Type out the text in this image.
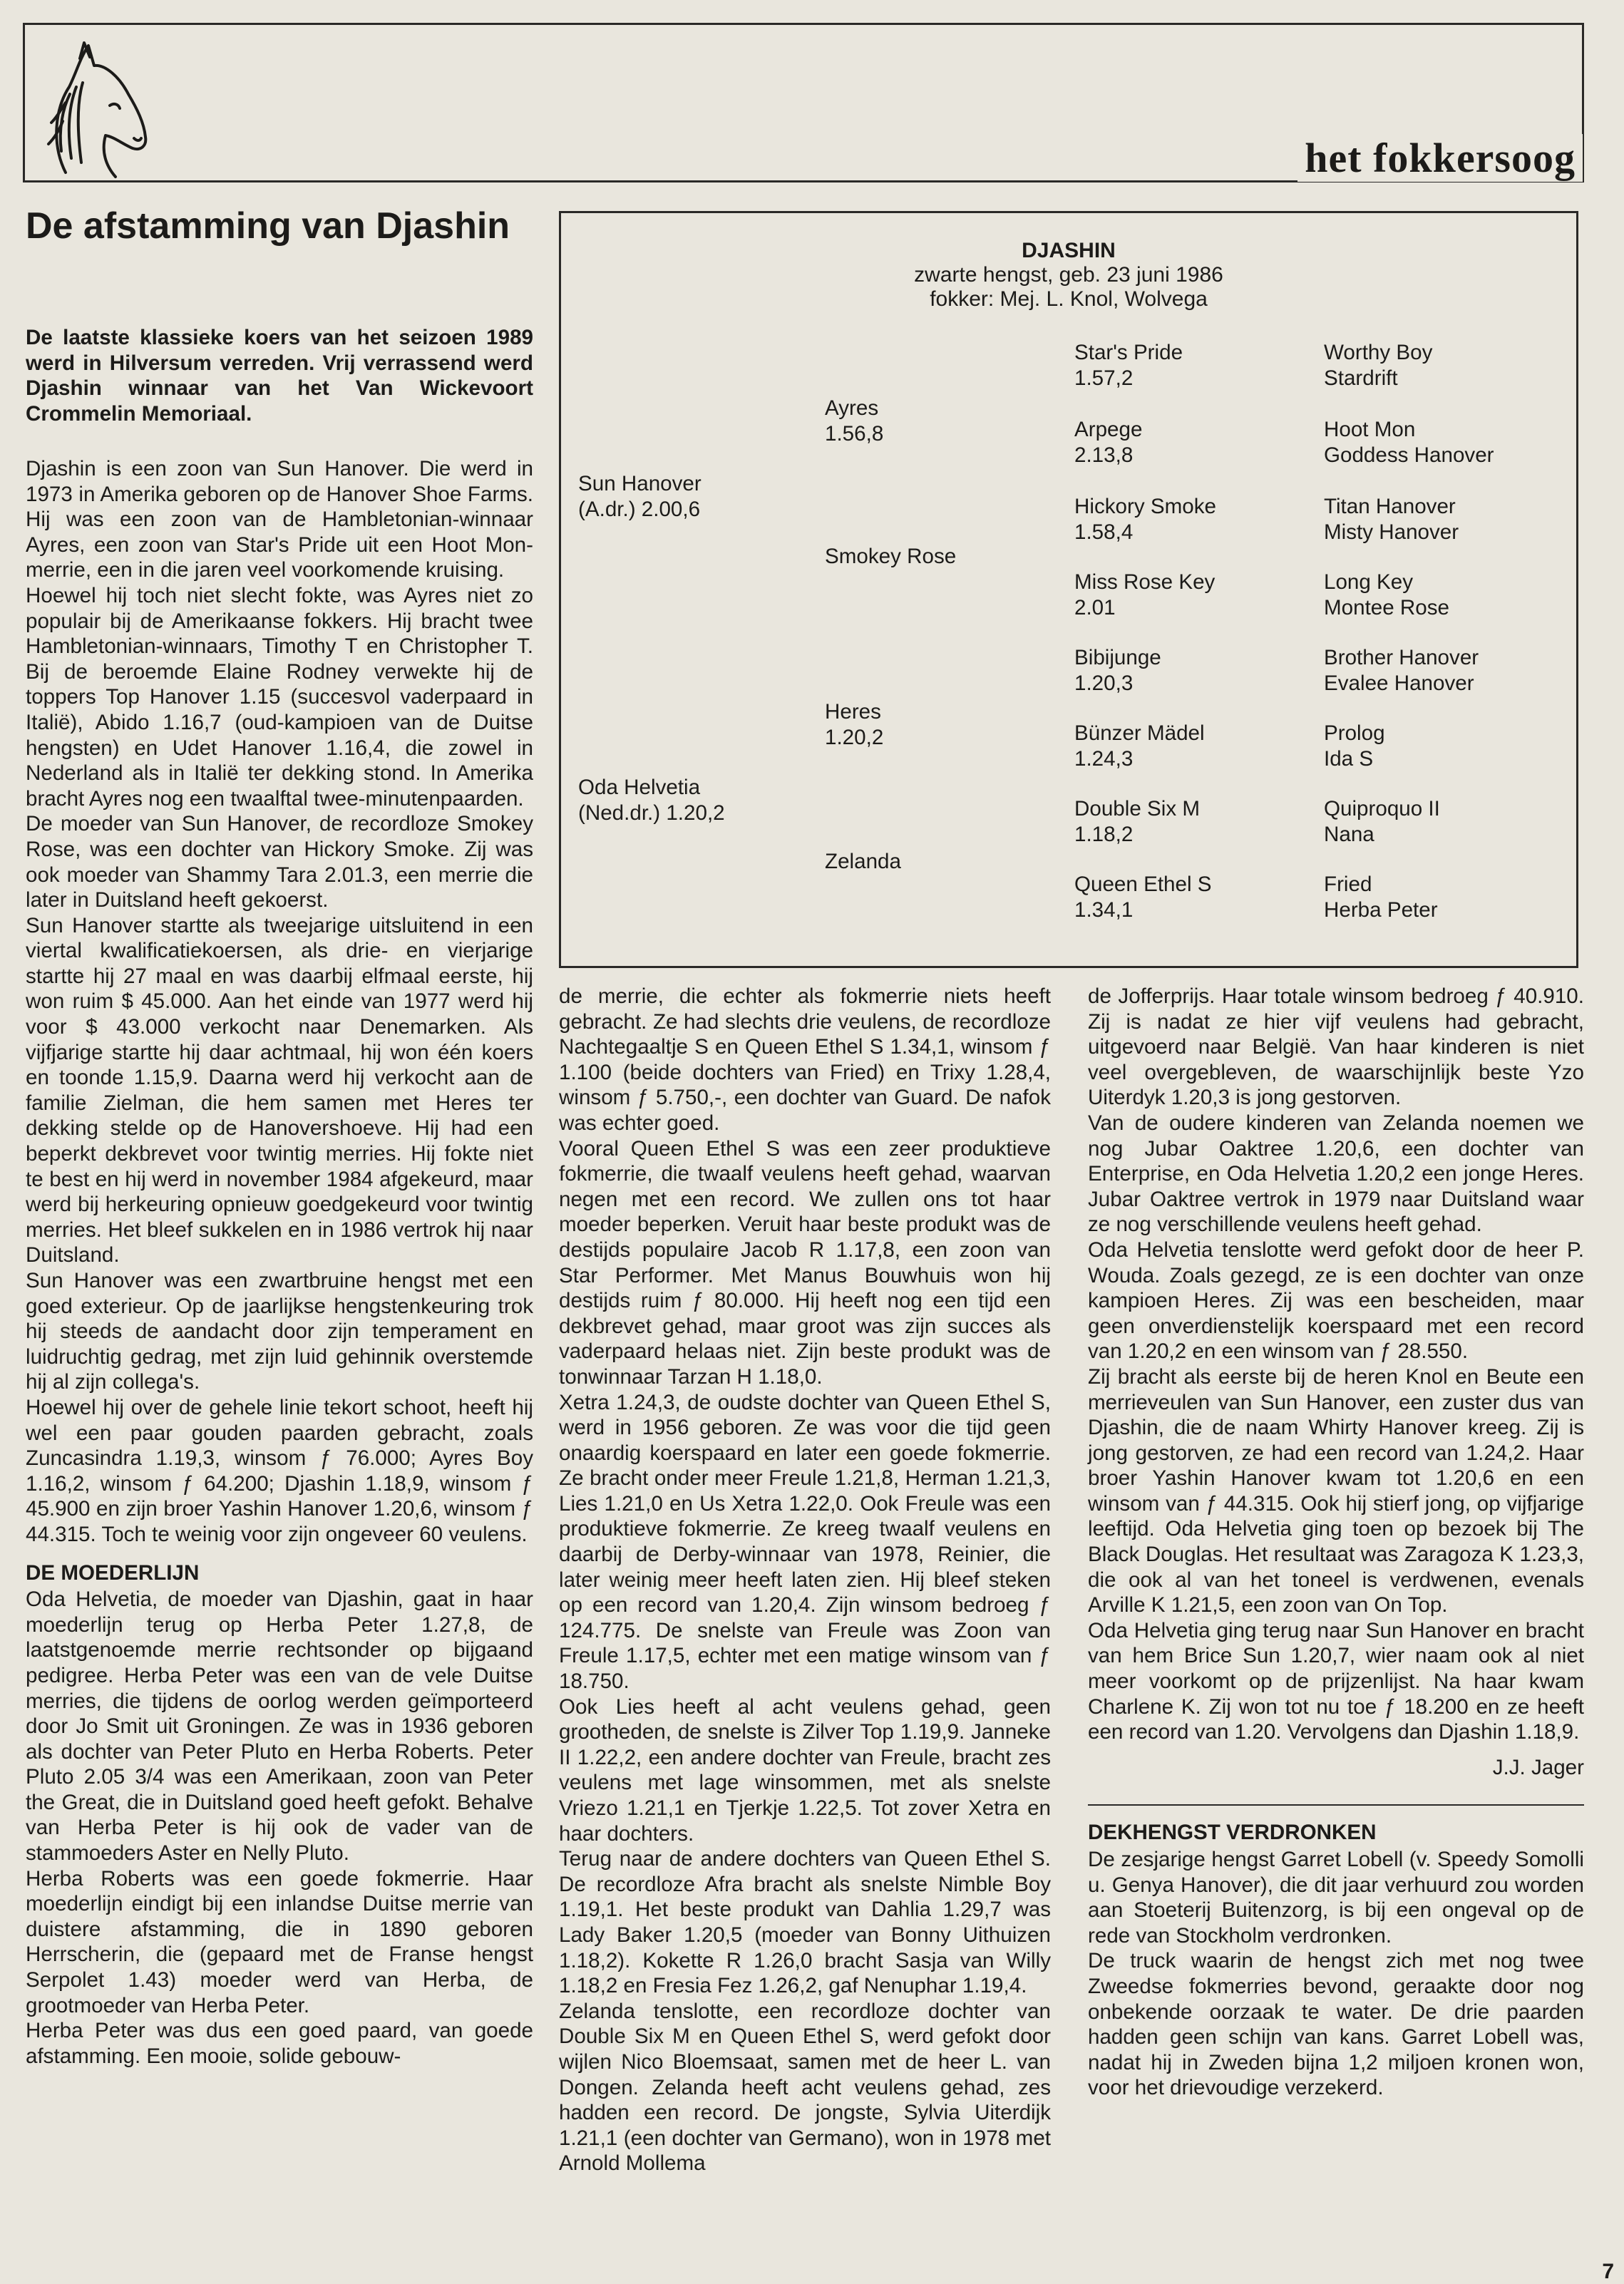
het fokkersoog
De afstamming van Djashin
De laatste klassieke koers van het seizoen 1989 werd in Hilversum verreden. Vrij verrassend werd Djashin winnaar van het Van Wickevoort Crommelin Memoriaal.

Djashin is een zoon van Sun Hanover. Die werd in 1973 in Amerika geboren op de Hanover Shoe Farms. Hij was een zoon van de Hambletonian-winnaar Ayres, een zoon van Star's Pride uit een Hoot Mon-merrie, een in die jaren veel voorkomende kruising.

Hoewel hij toch niet slecht fokte, was Ayres niet zo populair bij de Amerikaanse fokkers. Hij bracht twee Hambletonian-winnaars, Timothy T en Christopher T. Bij de beroemde Elaine Rodney verwekte hij de toppers Top Hanover 1.15 (succesvol vaderpaard in Italië), Abido 1.16,7 (oud-kampioen van de Duitse hengsten) en Udet Hanover 1.16,4, die zowel in Nederland als in Italië ter dekking stond. In Amerika bracht Ayres nog een twaalftal twee-minutenpaarden.

De moeder van Sun Hanover, de recordloze Smokey Rose, was een dochter van Hickory Smoke. Zij was ook moeder van Shammy Tara 2.01.3, een merrie die later in Duitsland heeft gekoerst.

Sun Hanover startte als tweejarige uitsluitend in een viertal kwalificatiekoersen, als drie- en vierjarige startte hij 27 maal en was daarbij elfmaal eerste, hij won ruim $ 45.000. Aan het einde van 1977 werd hij voor $ 43.000 verkocht naar Denemarken. Als vijfjarige startte hij daar achtmaal, hij won één koers en toonde 1.15,9. Daarna werd hij verkocht aan de familie Zielman, die hem samen met Heres ter dekking stelde op de Hanovershoeve. Hij had een beperkt dekbrevet voor twintig merries. Hij fokte niet te best en hij werd in november 1984 afgekeurd, maar werd bij herkeuring opnieuw goedgekeurd voor twintig merries. Het bleef sukkelen en in 1986 vertrok hij naar Duitsland.

Sun Hanover was een zwartbruine hengst met een goed exterieur. Op de jaarlijkse hengstenkeuring trok hij steeds de aandacht door zijn temperament en luidruchtig gedrag, met zijn luid gehinnik overstemde hij al zijn collega's.

Hoewel hij over de gehele linie tekort schoot, heeft hij wel een paar gouden paarden gebracht, zoals Zuncasindra 1.19,3, winsom ƒ 76.000; Ayres Boy 1.16,2, winsom ƒ 64.200; Djashin 1.18,9, winsom ƒ 45.900 en zijn broer Yashin Hanover 1.20,6, winsom ƒ 44.315. Toch te weinig voor zijn ongeveer 60 veulens.

DE MOEDERLIJN

Oda Helvetia, de moeder van Djashin, gaat in haar moederlijn terug op Herba Peter 1.27,8, de laatstgenoemde merrie rechtsonder op bijgaand pedigree. Herba Peter was een van de vele Duitse merries, die tijdens de oorlog werden geïmporteerd door Jo Smit uit Groningen. Ze was in 1936 geboren als dochter van Peter Pluto en Herba Roberts. Peter Pluto 2.05 3/4 was een Amerikaan, zoon van Peter the Great, die in Duitsland goed heeft gefokt. Behalve van Herba Peter is hij ook de vader van de stammoeders Aster en Nelly Pluto.

Herba Roberts was een goede fokmerrie. Haar moederlijn eindigt bij een inlandse Duitse merrie van duistere afstamming, die in 1890 geboren Herrscherin, die (gepaard met de Franse hengst Serpolet 1.43) moeder werd van Herba, de grootmoeder van Herba Peter.

Herba Peter was dus een goed paard, van goede afstamming. Een mooie, solide gebouw-

DJASHIN
zwarte hengst, geb. 23 juni 1986
fokker: Mej. L. Knol, Wolvega
Sun Hanover
(A.dr.) 2.00,6
Oda Helvetia
(Ned.dr.) 1.20,2
Ayres
1.56,8
Smokey Rose
Heres
1.20,2
Zelanda
Star's Pride
1.57,2
Arpege
2.13,8
Hickory Smoke
1.58,4
Miss Rose Key
2.01
Bibijunge
1.20,3
Bünzer Mädel
1.24,3
Double Six M
1.18,2
Queen Ethel S
1.34,1
Worthy Boy
Stardrift
Hoot Mon
Goddess Hanover
Titan Hanover
Misty Hanover
Long Key
Montee Rose
Brother Hanover
Evalee Hanover
Prolog
Ida S
Quiproquo II
Nana
Fried
Herba Peter

de merrie, die echter als fokmerrie niets heeft gebracht. Ze had slechts drie veulens, de recordloze Nachtegaaltje S en Queen Ethel S 1.34,1, winsom ƒ 1.100 (beide dochters van Fried) en Trixy 1.28,4, winsom ƒ 5.750,-, een dochter van Guard. De nafok was echter goed.

Vooral Queen Ethel S was een zeer produktieve fokmerrie, die twaalf veulens heeft gehad, waarvan negen met een record. We zullen ons tot haar moeder beperken. Veruit haar beste produkt was de destijds populaire Jacob R 1.17,8, een zoon van Star Performer. Met Manus Bouwhuis won hij destijds ruim ƒ 80.000. Hij heeft nog een tijd een dekbrevet gehad, maar groot was zijn succes als vaderpaard helaas niet. Zijn beste produkt was de tonwinnaar Tarzan H 1.18,0.

Xetra 1.24,3, de oudste dochter van Queen Ethel S, werd in 1956 geboren. Ze was voor die tijd geen onaardig koerspaard en later een goede fokmerrie. Ze bracht onder meer Freule 1.21,8, Herman 1.21,3, Lies 1.21,0 en Us Xetra 1.22,0. Ook Freule was een produktieve fokmerrie. Ze kreeg twaalf veulens en daarbij de Derby-winnaar van 1978, Reinier, die later weinig meer heeft laten zien. Hij bleef steken op een record van 1.20,4. Zijn winsom bedroeg ƒ 124.775. De snelste van Freule was Zoon van Freule 1.17,5, echter met een matige winsom van ƒ 18.750.

Ook Lies heeft al acht veulens gehad, geen grootheden, de snelste is Zilver Top 1.19,9. Janneke II 1.22,2, een andere dochter van Freule, bracht zes veulens met lage winsommen, met als snelste Vriezo 1.21,1 en Tjerkje 1.22,5. Tot zover Xetra en haar dochters.

Terug naar de andere dochters van Queen Ethel S. De recordloze Afra bracht als snelste Nimble Boy 1.19,1. Het beste produkt van Dahlia 1.29,7 was Lady Baker 1.20,5 (moeder van Bonny Uithuizen 1.18,2). Kokette R 1.26,0 bracht Sasja van Willy 1.18,2 en Fresia Fez 1.26,2, gaf Nenuphar 1.19,4.

Zelanda tenslotte, een recordloze dochter van Double Six M en Queen Ethel S, werd gefokt door wijlen Nico Bloemsaat, samen met de heer L. van Dongen. Zelanda heeft acht veulens gehad, zes hadden een record. De jongste, Sylvia Uiterdijk 1.21,1 (een dochter van Germano), won in 1978 met Arnold Mollema

de Jofferprijs. Haar totale winsom bedroeg ƒ 40.910. Zij is nadat ze hier vijf veulens had gebracht, uitgevoerd naar België. Van haar kinderen is niet veel overgebleven, de waarschijnlijk beste Yzo Uiterdyk 1.20,3 is jong gestorven.

Van de oudere kinderen van Zelanda noemen we nog Jubar Oaktree 1.20,6, een dochter van Enterprise, en Oda Helvetia 1.20,2 een jonge Heres. Jubar Oaktree vertrok in 1979 naar Duitsland waar ze nog verschillende veulens heeft gehad.

Oda Helvetia tenslotte werd gefokt door de heer P. Wouda. Zoals gezegd, ze is een dochter van onze kampioen Heres. Zij was een bescheiden, maar geen onverdienstelijk koerspaard met een record van 1.20,2 en een winsom van ƒ 28.550.

Zij bracht als eerste bij de heren Knol en Beute een merrieveulen van Sun Hanover, een zuster dus van Djashin, die de naam Whirty Hanover kreeg. Zij is jong gestorven, ze had een record van 1.24,2. Haar broer Yashin Hanover kwam tot 1.20,6 en een winsom van ƒ 44.315. Ook hij stierf jong, op vijfjarige leeftijd. Oda Helvetia ging toen op bezoek bij The Black Douglas. Het resultaat was Zaragoza K 1.23,3, die ook al van het toneel is verdwenen, evenals Arville K 1.21,5, een zoon van On Top.

Oda Helvetia ging terug naar Sun Hanover en bracht van hem Brice Sun 1.20,7, wier naam ook al niet meer voorkomt op de prijzenlijst. Na haar kwam Charlene K. Zij won tot nu toe ƒ 18.200 en ze heeft een record van 1.20. Vervolgens dan Djashin 1.18,9.

J.J. Jager

DEKHENGST VERDRONKEN

De zesjarige hengst Garret Lobell (v. Speedy Somolli u. Genya Hanover), die dit jaar verhuurd zou worden aan Stoeterij Buitenzorg, is bij een ongeval op de rede van Stockholm verdronken.

De truck waarin de hengst zich met nog twee Zweedse fokmerries bevond, geraakte door nog onbekende oorzaak te water. De drie paarden hadden geen schijn van kans. Garret Lobell was, nadat hij in Zweden bijna 1,2 miljoen kronen won, voor het drievoudige verzekerd.

7
